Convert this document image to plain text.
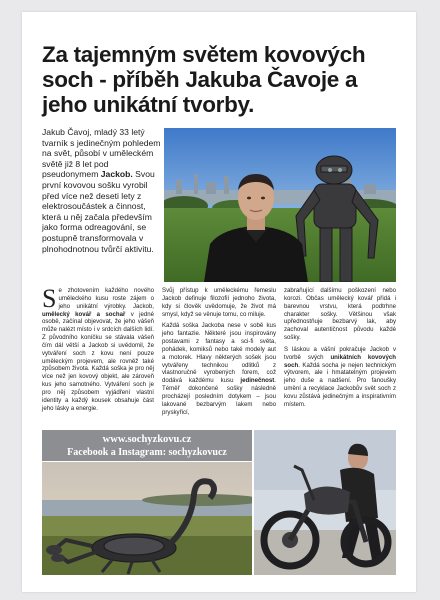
Za tajemným světem kovových soch - příběh Jakuba Čavoje a jeho unikátní tvorby.

Jakub Čavoj, mladý 33 letý tvarník s jedinečným pohledem na svět, působí v uměleckém světě již 8 let pod pseudonymem Jackob. Svou první kovovou sošku vyrobil před více než deseti lety z elektrosoučástek a činnost, která u něj začala především jako forma odreagování, se postupně transformovala v plnohodnotnou tvůrčí aktivitu.

Se zhotovením každého nového uměleckého kusu roste zájem o jeho unikátní výrobky. Jackob, umělecký kovář a sochař v jedné osobě, začínal objevovat, že jeho vášeň může nalézt místo i v srdcích dalších lidí. Z původního koníčku se stávala vášeň čím dál větší a Jackob si uvědomil, že vytváření soch z kovu není pouze uměleckým projevem, ale rovněž také způsobem života. Každá soška je pro něj více než jen kovový objekt, ale zároveň kus jeho samotného. Vytváření soch je pro něj způsobem vyjádření vlastní identity a každý kousek obsahuje část jeho lásky a energie.

Svůj přístup k uměleckému řemeslu Jackob definuje filozofií jednoho života, kdy si člověk uvědomuje, že život má smysl, když se věnuje tomu, co miluje.

Každá soška Jackoba nese v sobě kus jeho fantazie. Některé jsou inspirovány postavami z fantasy a sci-fi světa, pohádek, komiksů nebo také modely aut a motorek. Hlavy některých sošek jsou vytvářeny technikou odlitků z vlastnoručně vyrobených forem, což dodává každému kusu jedinečnost. Téměř dokončené sošky následně procházejí posledním dotykem – jsou lakované bezbarvým lakem nebo pryskyřicí,

zabraňující dalšímu poškození nebo korozi. Občas umělecký kovář přidá i barevnou vrstvu, která podtrhne charakter sošky. Většinou však upřednostňuje bezbarvý lak, aby zachoval autentičnost původu každé sošky.

S láskou a vášní pokračuje Jackob v tvorbě svých unikátních kovových soch. Každá socha je nejen technickým výtvorem, ale i hmatatelným projevem jeho duše a nadšení. Pro fanoušky umění a recyklace Jackobův svět soch z kovu zůstává jedinečným a inspirativním místem.

www.sochyzkovu.cz
Facebook a Instagram: sochyzkovucz
